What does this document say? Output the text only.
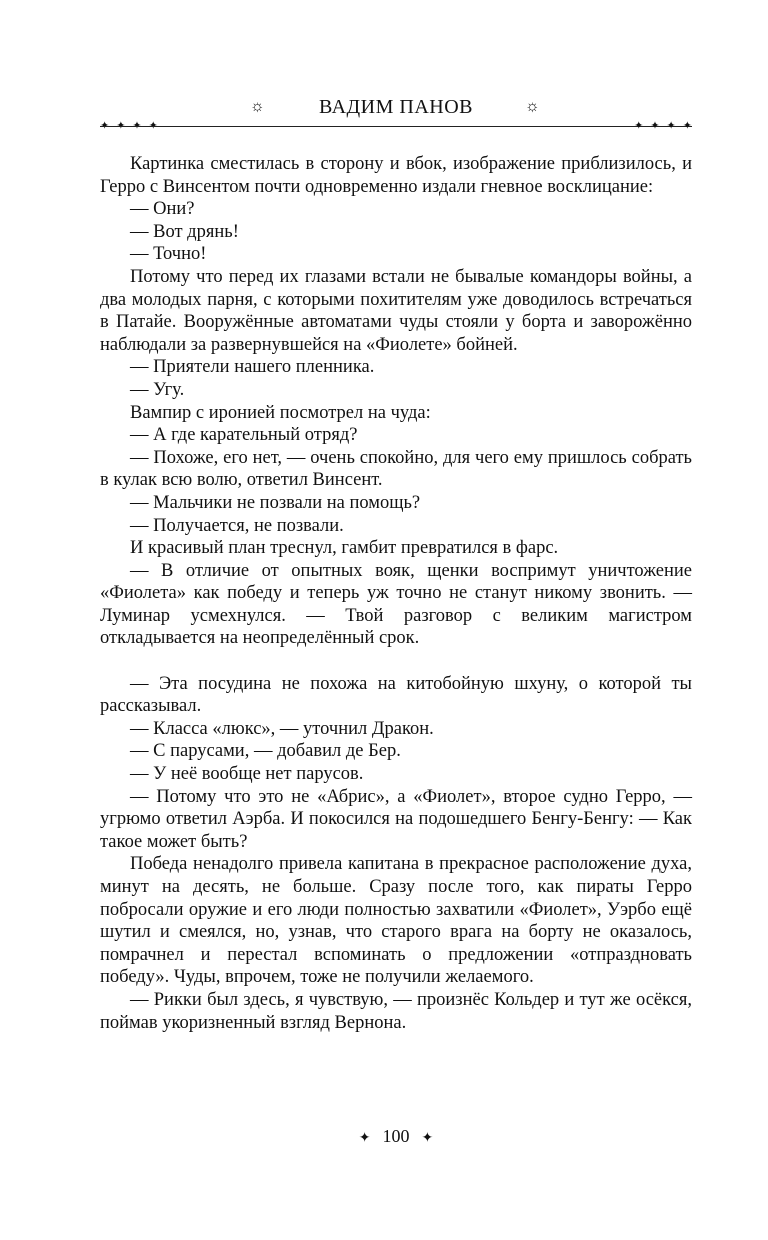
☼	ВАДИМ ПАНОВ	☼
✦✦✦✦	✦✦✦✦

Картинка сместилась в сторону и вбок, изображение приблизилось, и Герро с Винсентом почти одновременно издали гневное восклицание:

— Они?

— Вот дрянь!

— Точно!

Потому что перед их глазами встали не бывалые командоры войны, а два молодых парня, с которыми похитителям уже доводилось встречаться в Патайе. Вооружённые автоматами чуды стояли у борта и заворожённо наблюдали за развернувшейся на «Фиолете» бойней.

— Приятели нашего пленника.

— Угу.

Вампир с иронией посмотрел на чуда:

— А где карательный отряд?

— Похоже, его нет, — очень спокойно, для чего ему пришлось собрать в кулак всю волю, ответил Винсент.

— Мальчики не позвали на помощь?

— Получается, не позвали.

И красивый план треснул, гамбит превратился в фарс.

— В отличие от опытных вояк, щенки воспримут уничтожение «Фиолета» как победу и теперь уж точно не станут никому звонить. — Луминар усмехнулся. — Твой разговор с великим магистром откладывается на неопределённый срок.

— Эта посудина не похожа на китобойную шхуну, о которой ты рассказывал.

— Класса «люкс», — уточнил Дракон.

— С парусами, — добавил де Бер.

— У неё вообще нет парусов.

— Потому что это не «Абрис», а «Фиолет», второе судно Герро, — угрюмо ответил Аэрба. И покосился на подошедшего Бенгу-Бенгу: — Как такое может быть?

Победа ненадолго привела капитана в прекрасное расположение духа, минут на десять, не больше. Сразу после того, как пираты Герро побросали оружие и его люди полностью захватили «Фиолет», Уэрбо ещё шутил и смеялся, но, узнав, что старого врага на борту не оказалось, помрачнел и перестал вспоминать о предложении «отпраздновать победу». Чуды, впрочем, тоже не получили желаемого.

— Рикки был здесь, я чувствую, — произнёс Кольдер и тут же осёкся, поймав укоризненный взгляд Вернона.

✦ 100 ✦
